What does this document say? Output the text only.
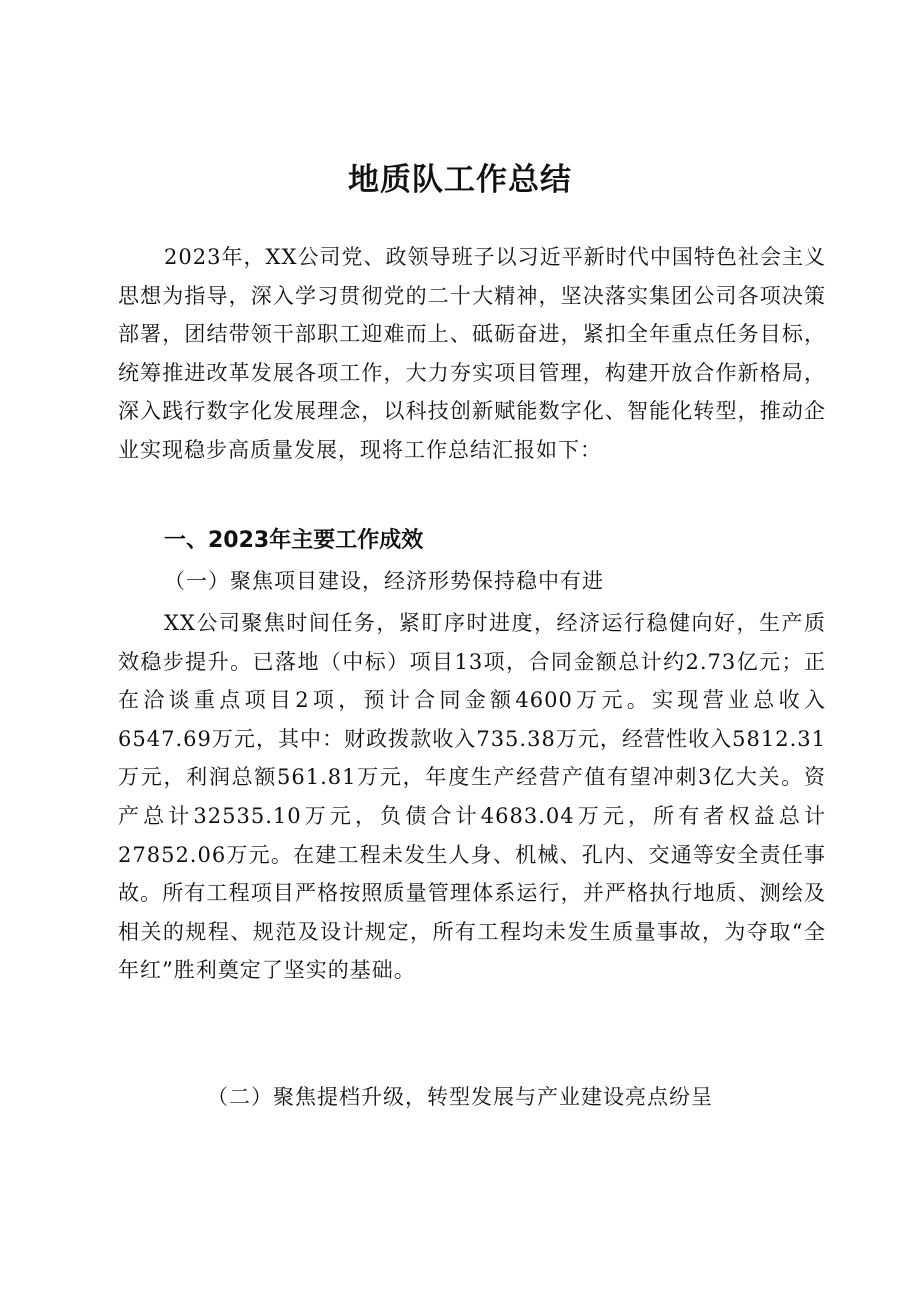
地质队工作总结

2023年，XX公司党、政领导班子以习近平新时代中国特色社会主义思想为指导，深入学习贯彻党的二十大精神，坚决落实集团公司各项决策部署，团结带领干部职工迎难而上、砥砺奋进，紧扣全年重点任务目标，统筹推进改革发展各项工作，大力夯实项目管理，构建开放合作新格局，深入践行数字化发展理念，以科技创新赋能数字化、智能化转型，推动企业实现稳步高质量发展，现将工作总结汇报如下：

一、2023年主要工作成效
（一）聚焦项目建设，经济形势保持稳中有进

XX公司聚焦时间任务，紧盯序时进度，经济运行稳健向好，生产质效稳步提升。已落地（中标）项目13项，合同金额总计约2.73亿元；正在洽谈重点项目2项，预计合同金额4600万元。实现营业总收入6547.69万元，其中：财政拨款收入735.38万元，经营性收入5812.31万元，利润总额561.81万元，年度生产经营产值有望冲刺3亿大关。资产总计32535.10万元，负债合计4683.04万元，所有者权益总计27852.06万元。在建工程未发生人身、机械、孔内、交通等安全责任事故。所有工程项目严格按照质量管理体系运行，并严格执行地质、测绘及相关的规程、规范及设计规定，所有工程均未发生质量事故，为夺取“全年红”胜利奠定了坚实的基础。

（二）聚焦提档升级，转型发展与产业建设亮点纷呈
